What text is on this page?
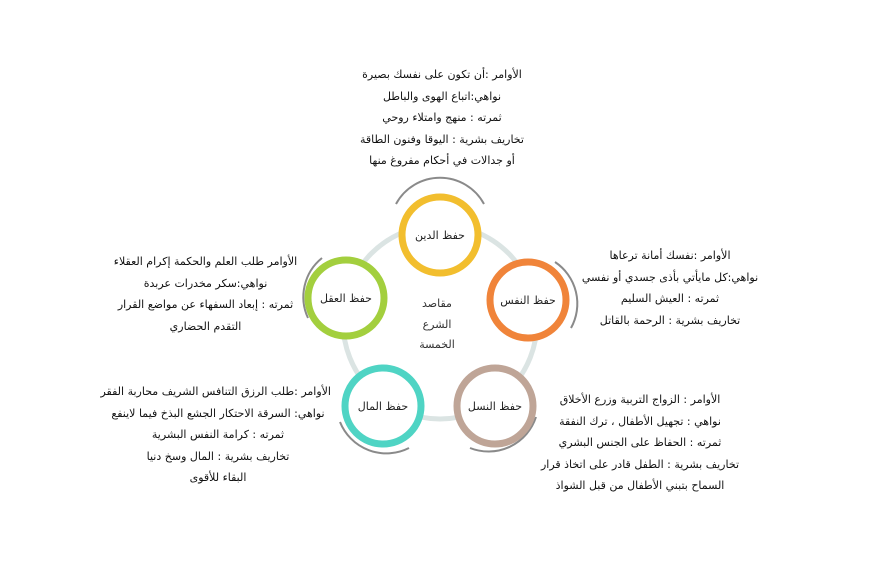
مقاصد
الشرع
الخمسة
حفظ الدين
حفظ النفس
حفظ النسل
حفظ المال
حفظ العقل
الأوامر :أن تكون على نفسك بصيرة
نواهي:اتباع الهوى والباطل
ثمرته : منهج وامتلاء روحي
تخاريف بشرية : اليوقا وفنون الطاقة
أو جدالات في أحكام مفروغ منها
الأوامر :نفسك أمانة ترعاها
نواهي:كل مايأتي بأذى جسدي أو نفسي
ثمرته : العيش السليم
تخاريف بشرية : الرحمة بالقاتل
الأوامر : الزواج التربية وزرع الأخلاق
نواهي : تجهيل الأطفال ، ترك النفقة
ثمرته : الحفاظ على الجنس البشري
تخاريف بشرية : الطفل قادر على اتخاذ قرار
السماح بتبني الأطفال من قبل الشواذ
الأوامر :طلب الرزق التنافس الشريف محاربة الفقر
نواهي: السرقة الاحتكار الجشع البذخ فيما لاينفع
ثمرته : كرامة النفس البشرية
تخاريف بشرية : المال وسخ دنيا
البقاء للأقوى
الأوامر طلب العلم والحكمة إكرام العقلاء
نواهي:سكر مخدرات عربدة
ثمرته : إبعاد السفهاء عن مواضع القرار
التقدم الحضاري
